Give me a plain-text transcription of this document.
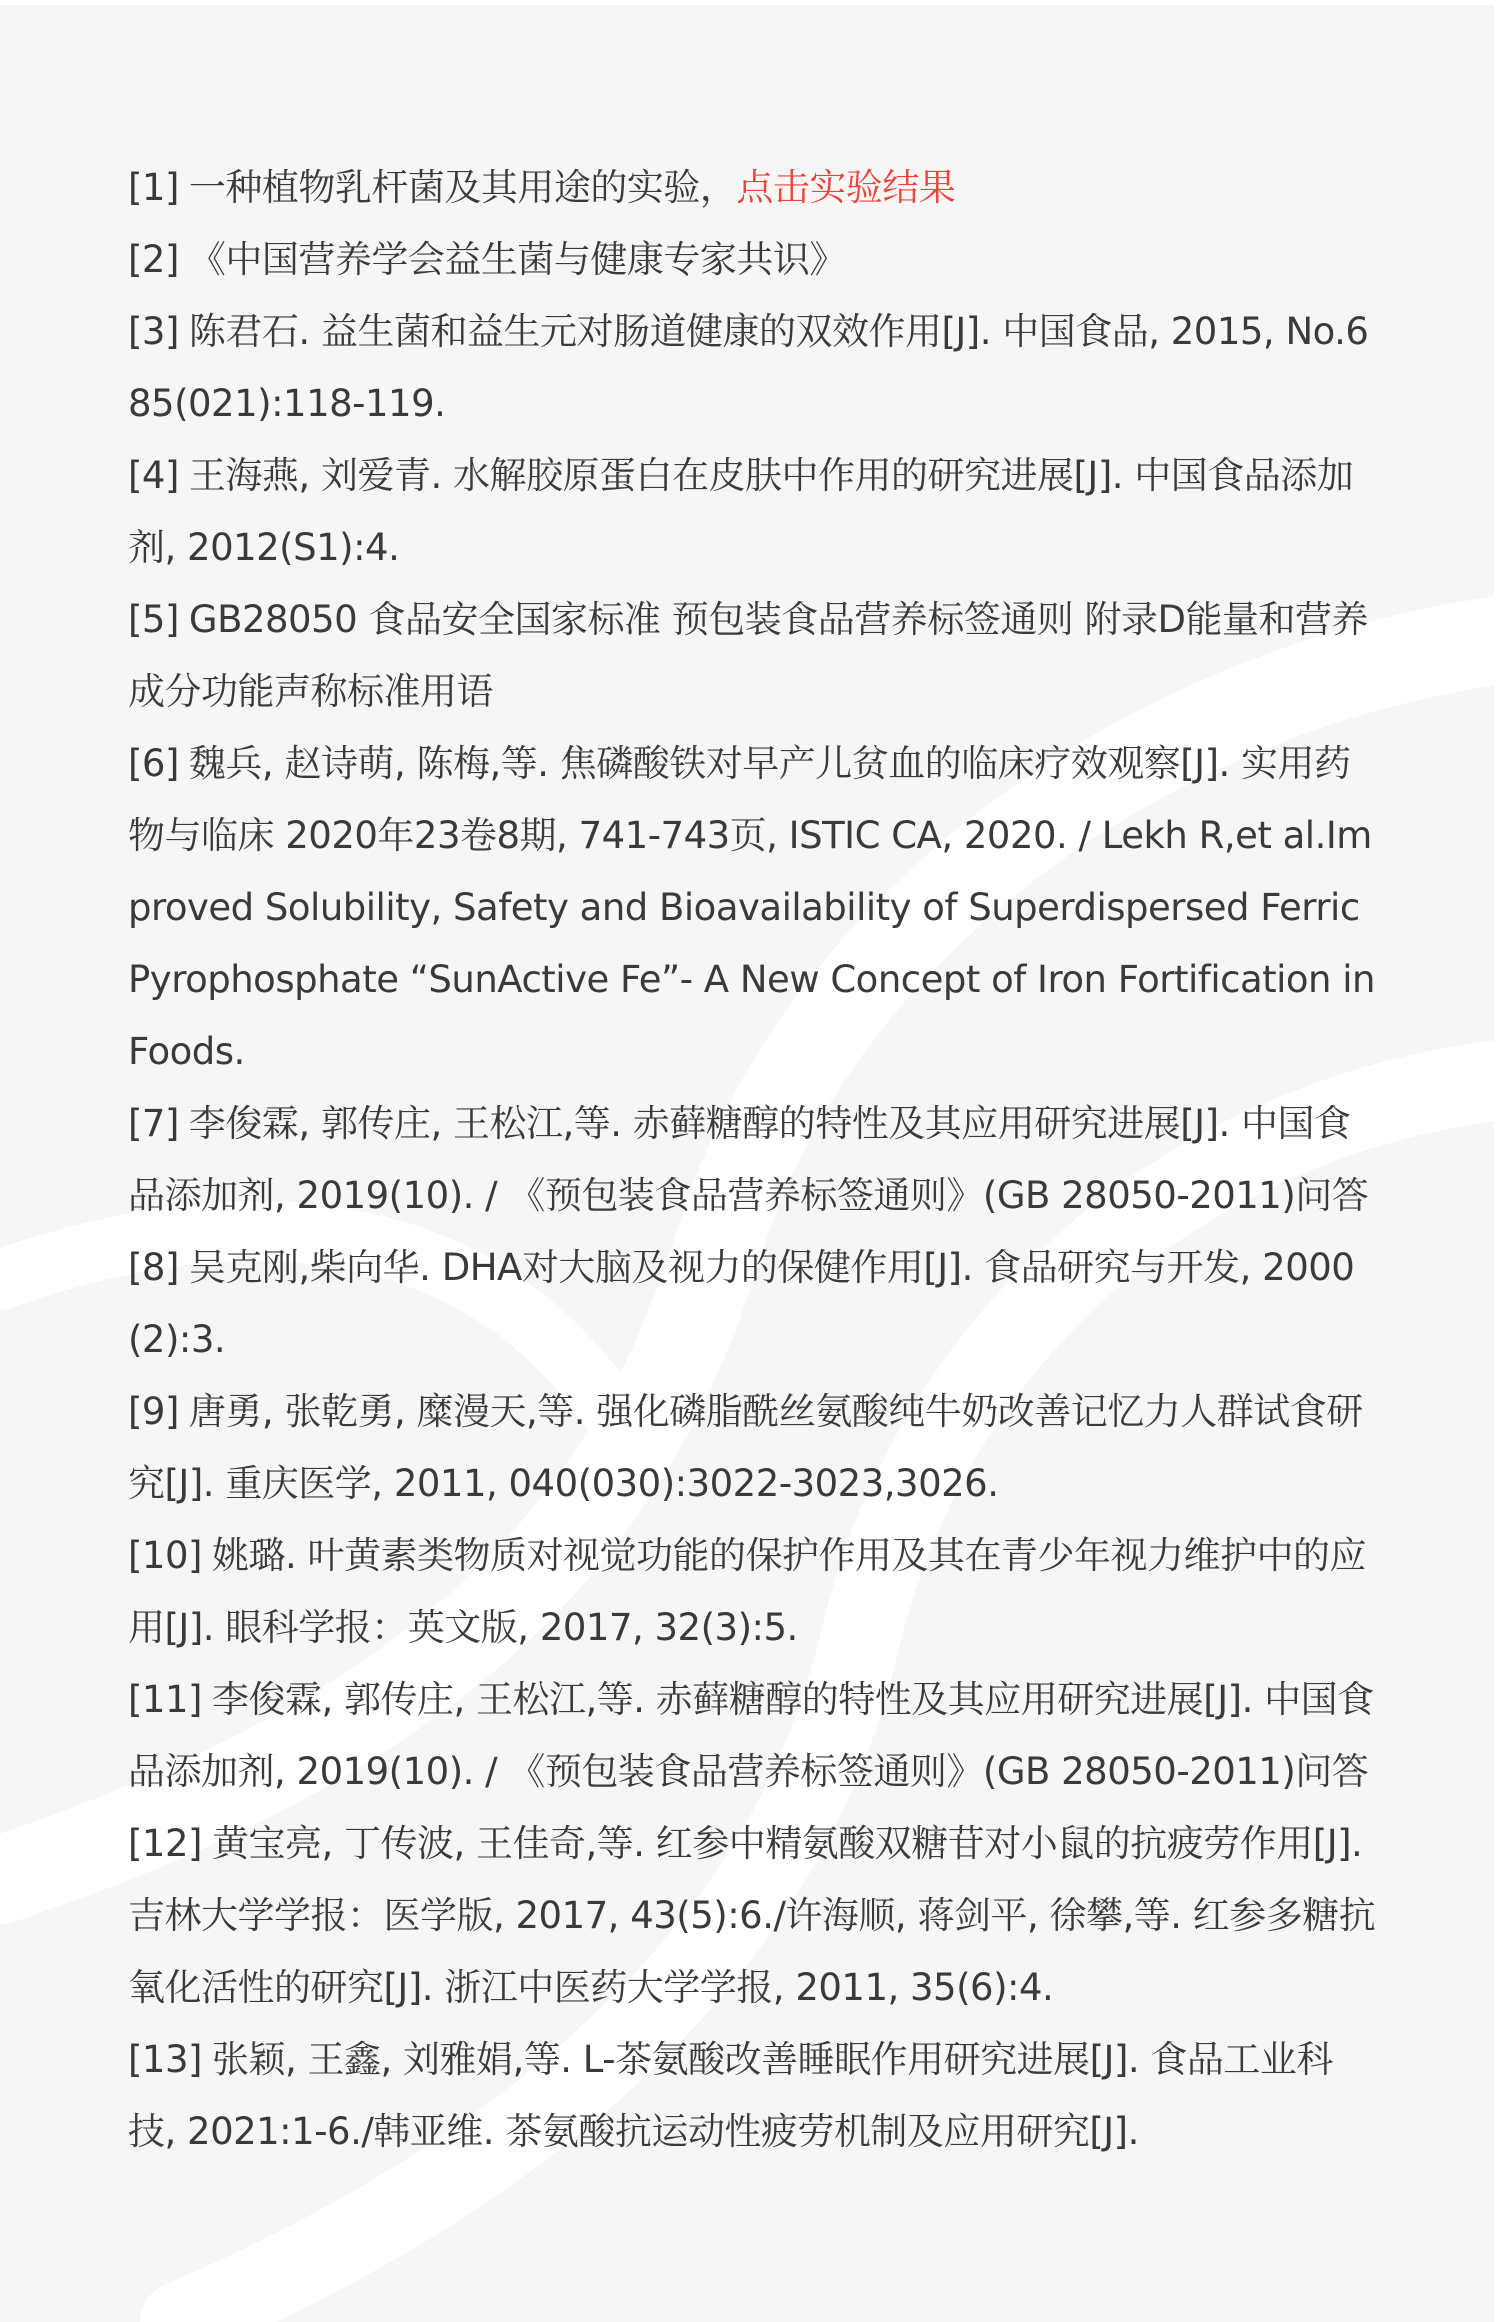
[1] 一种植物乳杆菌及其用途的实验，点击实验结果

[2] 《中国营养学会益生菌与健康专家共识》

[3] 陈君石. 益生菌和益生元对肠道健康的双效作用[J]. 中国食品, 2015, No.685(021):118-119.

[4] 王海燕, 刘爱青. 水解胶原蛋白在皮肤中作用的研究进展[J]. 中国食品添加剂, 2012(S1):4.

[5] GB28050 食品安全国家标准 预包装食品营养标签通则 附录D能量和营养成分功能声称标准用语

[6] 魏兵, 赵诗萌, 陈梅,等. 焦磷酸铁对早产儿贫血的临床疗效观察[J]. 实用药物与临床 2020年23卷8期, 741-743页, ISTIC CA, 2020. / Lekh R,et al.Improved Solubility, Safety and Bioavailability of Superdispersed Ferric Pyrophosphate “SunActive Fe”- A New Concept of Iron Fortification in Foods.

[7] 李俊霖, 郭传庄, 王松江,等. 赤藓糖醇的特性及其应用研究进展[J]. 中国食品添加剂, 2019(10). / 《预包装食品营养标签通则》(GB 28050-2011)问答

[8] 吴克刚,柴向华. DHA对大脑及视力的保健作用[J]. 食品研究与开发, 2000(2):3.

[9] 唐勇, 张乾勇, 糜漫天,等. 强化磷脂酰丝氨酸纯牛奶改善记忆力人群试食研究[J]. 重庆医学, 2011, 040(030):3022-3023,3026.

[10] 姚璐. 叶黄素类物质对视觉功能的保护作用及其在青少年视力维护中的应用[J]. 眼科学报：英文版, 2017, 32(3):5.

[11] 李俊霖, 郭传庄, 王松江,等. 赤藓糖醇的特性及其应用研究进展[J]. 中国食品添加剂, 2019(10). / 《预包装食品营养标签通则》(GB 28050-2011)问答

[12] 黄宝亮, 丁传波, 王佳奇,等. 红参中精氨酸双糖苷对小鼠的抗疲劳作用[J]. 吉林大学学报：医学版, 2017, 43(5):6./许海顺, 蒋剑平, 徐攀,等. 红参多糖抗氧化活性的研究[J]. 浙江中医药大学学报, 2011, 35(6):4.

[13] 张颖, 王鑫, 刘雅娟,等. L-茶氨酸改善睡眠作用研究进展[J]. 食品工业科技, 2021:1-6./韩亚维. 茶氨酸抗运动性疲劳机制及应用研究[J].
